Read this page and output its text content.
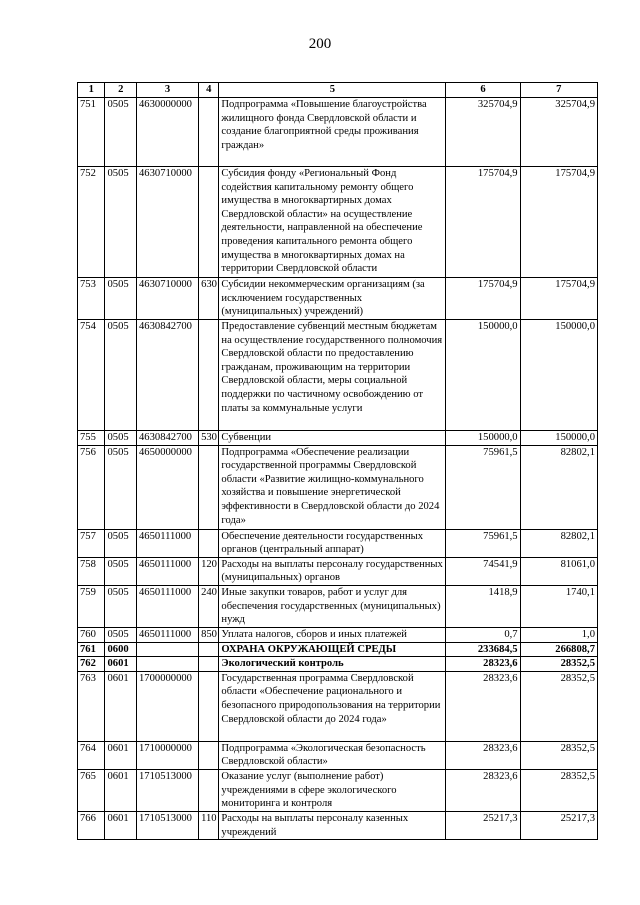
200
1	2	3	4	5	6	7
751	0505	4630000000		Подпрограмма «Повышение благоустройства жилищного фонда Свердловской области и создание благоприятной среды проживания граждан»	325704,9	325704,9
752	0505	4630710000		Субсидия фонду «Региональный Фонд содействия капитальному ремонту общего имущества в многоквартирных домах Свердловской области» на осуществление деятельности, направленной на обеспечение проведения капитального ремонта общего имущества в многоквартирных домах на территории Свердловской области	175704,9	175704,9
753	0505	4630710000	630	Субсидии некоммерческим организациям (за исключением государственных (муниципальных) учреждений)	175704,9	175704,9
754	0505	4630842700		Предоставление субвенций местным бюджетам на осуществление государственного полномочия Свердловской области по предоставлению гражданам, проживающим на территории Свердловской области, меры социальной поддержки по частичному освобождению от платы за коммунальные услуги	150000,0	150000,0
755	0505	4630842700	530	Субвенции	150000,0	150000,0
756	0505	4650000000		Подпрограмма «Обеспечение реализации государственной программы Свердловской области «Развитие жилищно-коммунального хозяйства и повышение энергетической эффективности в Свердловской области до 2024 года»	75961,5	82802,1
757	0505	4650111000		Обеспечение деятельности государственных органов (центральный аппарат)	75961,5	82802,1
758	0505	4650111000	120	Расходы на выплаты персоналу государственных (муниципальных) органов	74541,9	81061,0
759	0505	4650111000	240	Иные закупки товаров, работ и услуг для обеспечения государственных (муниципальных) нужд	1418,9	1740,1
760	0505	4650111000	850	Уплата налогов, сборов и иных платежей	0,7	1,0
761	0600			ОХРАНА ОКРУЖАЮЩЕЙ СРЕДЫ	233684,5	266808,7
762	0601			Экологический контроль	28323,6	28352,5
763	0601	1700000000		Государственная программа Свердловской области «Обеспечение рационального и безопасного природопользования на территории Свердловской области до 2024 года»	28323,6	28352,5
764	0601	1710000000		Подпрограмма «Экологическая безопасность Свердловской области»	28323,6	28352,5
765	0601	1710513000		Оказание услуг (выполнение работ) учреждениями в сфере экологического мониторинга и контроля	28323,6	28352,5
766	0601	1710513000	110	Расходы на выплаты персоналу казенных учреждений	25217,3	25217,3
